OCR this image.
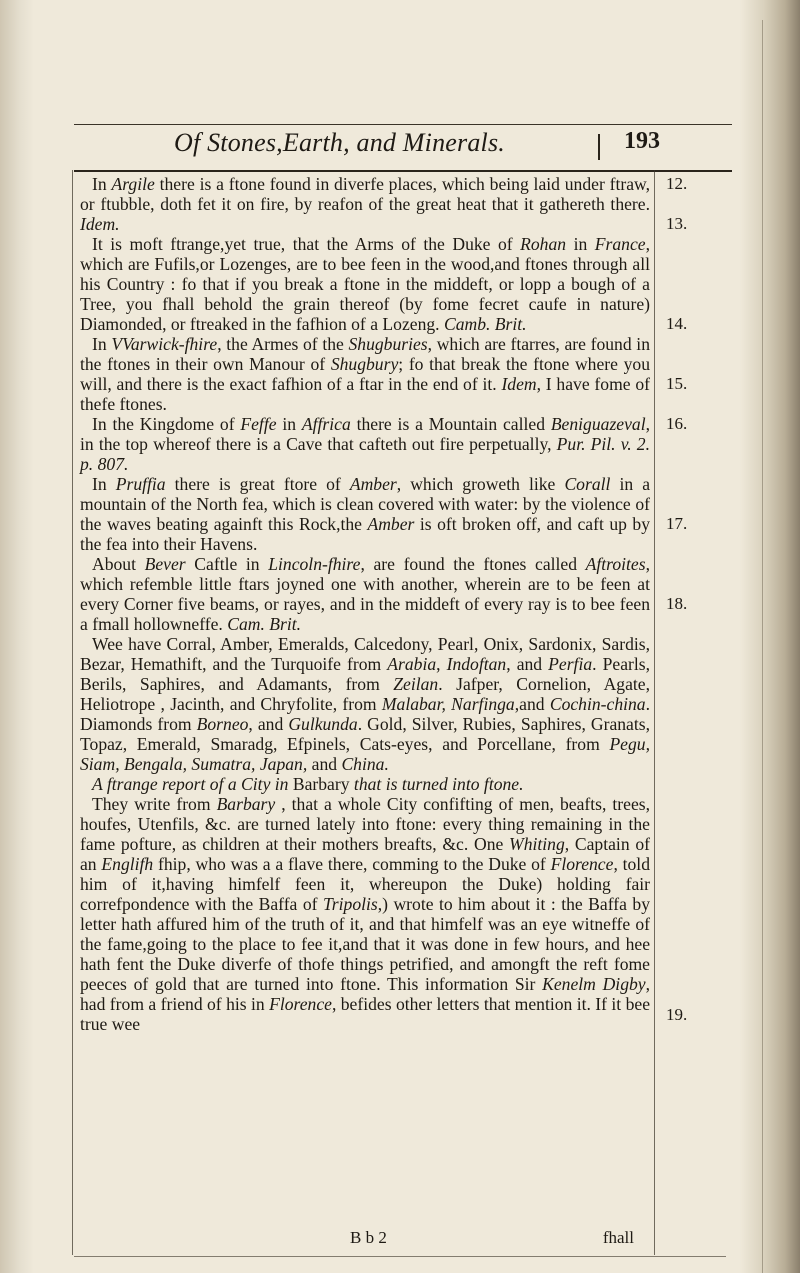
Of Stones,Earth, and Minerals.	193

In Argile there is a ftone found in diverfe places, which being laid under ftraw, or ftubble, doth fet it on fire, by reafon of the great heat that it gathereth there. Idem.

It is moft ftrange,yet true, that the Arms of the Duke of Rohan in France, which are Fufils,or Lozenges, are to bee feen in the wood,and ftones through all his Country : fo that if you break a ftone in the middeft, or lopp a bough of a Tree, you fhall behold the grain thereof (by fome fecret caufe in nature) Diamonded, or ftreaked in the fafhion of a Lozeng. Camb. Brit.

In VVarwick-fhire, the Armes of the Shugburies, which are ftarres, are found in the ftones in their own Manour of Shugbury; fo that break the ftone where you will, and there is the exact fafhion of a ftar in the end of it. Idem, I have fome of thefe ftones.

In the Kingdome of Feffe in Affrica there is a Mountain called Beniguazeval, in the top whereof there is a Cave that cafteth out fire perpetually, Pur. Pil. v. 2. p. 807.

In Pruffia there is great ftore of Amber, which groweth like Corall in a mountain of the North fea, which is clean covered with water: by the violence of the waves beating againft this Rock,the Amber is oft broken off, and caft up by the fea into their Havens.

About Bever Caftle in Lincoln-fhire, are found the ftones called Aftroites, which refemble little ftars joyned one with another, wherein are to be feen at every Corner five beams, or rayes, and in the middeft of every ray is to bee feen a fmall hollowneffe. Cam. Brit.

Wee have Corral, Amber, Emeralds, Calcedony, Pearl, Onix, Sardonix, Sardis, Bezar, Hemathift, and the Turquoife from Arabia, Indoftan, and Perfia. Pearls, Berils, Saphires, and Adamants, from Zeilan. Jafper, Cornelion, Agate, Heliotrope , Jacinth, and Chryfolite, from Malabar, Narfinga,and Cochin-china. Diamonds from Borneo, and Gulkunda. Gold, Silver, Rubies, Saphires, Granats, Topaz, Emerald, Smaradg, Efpinels, Cats-eyes, and Porcellane, from Pegu, Siam, Bengala, Sumatra, Japan, and China.

A ftrange report of a City in Barbary that is turned into ftone.

They write from Barbary , that a whole City confifting of men, beafts, trees, houfes, Utenfils, &c. are turned lately into ftone: every thing remaining in the fame pofture, as children at their mothers breafts, &c. One Whiting, Captain of an Englifh fhip, who was a a flave there, comming to the Duke of Florence, told him of it,having himfelf feen it, whereupon the Duke) holding fair correfpondence with the Baffa of Tripolis,) wrote to him about it : the Baffa by letter hath affured him of the truth of it, and that himfelf was an eye witneffe of the fame,going to the place to fee it,and that it was done in few hours, and hee hath fent the Duke diverfe of thofe things petrified, and amongft the reft fome peeces of gold that are turned into ftone. This information Sir Kenelm Digby, had from a friend of his in Florence, befides other letters that mention it. If it bee true wee

12.
13.
14.
15.
16.
17.
18.
19.
B b 2	fhall
